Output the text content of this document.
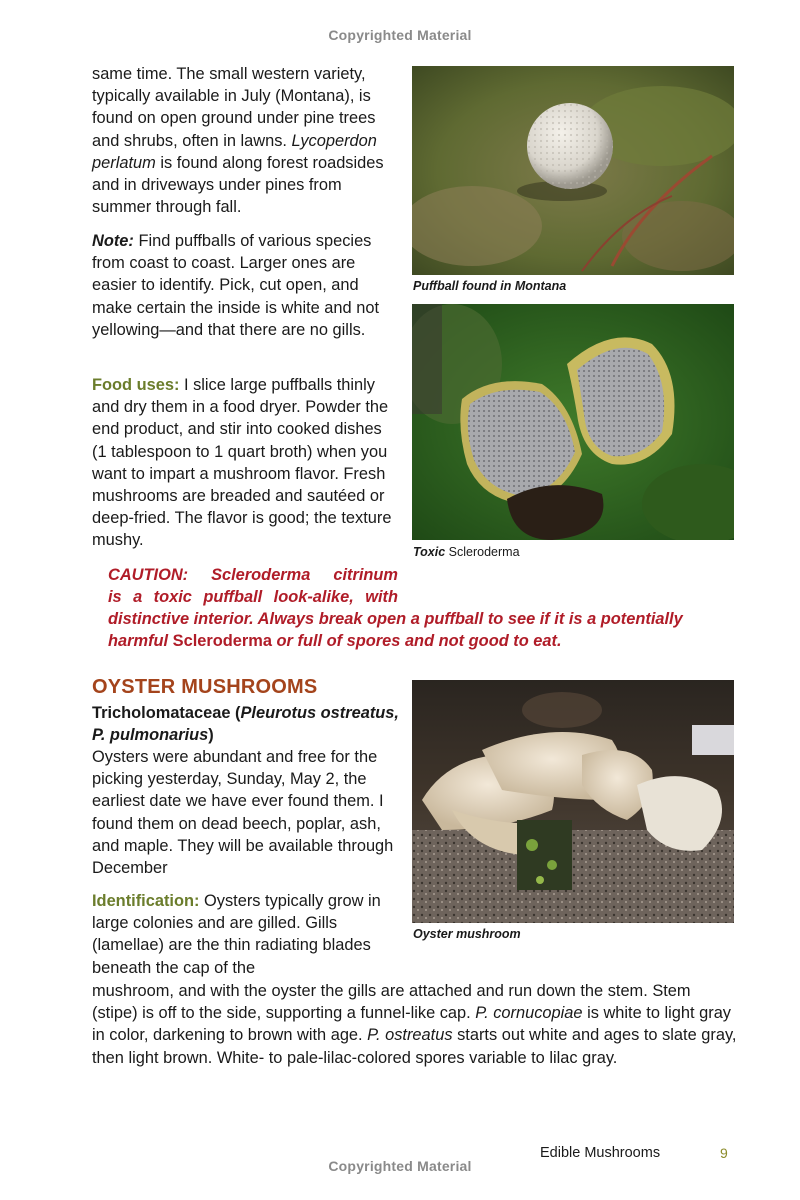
Copyrighted Material

same time. The small western variety, typically available in July (Montana), is found on open ground under pine trees and shrubs, often in lawns. Lycoperdon perlatum is found along forest roadsides and in driveways under pines from summer through fall.

Note: Find puffballs of various species from coast to coast. Larger ones are easier to identify. Pick, cut open, and make certain the inside is white and not yellowing—and that there are no gills.

Food uses: I slice large puffballs thinly and dry them in a food dryer. Powder the end product, and stir into cooked dishes (1 tablespoon to 1 quart broth) when you want to impart a mushroom flavor. Fresh mushrooms are breaded and sautéed or deep-fried. The flavor is good; the texture mushy.

Puffball found in Montana
Toxic Scleroderma
CAUTION: Scleroderma citrinum
is a toxic puffball look-alike, with
distinctive interior. Always break open a puffball to see if it is a potentially
harmful Scleroderma or full of spores and not good to eat.
OYSTER MUSHROOMS

Tricholomataceae (Pleurotus ostreatus, P. pulmonarius)

Oysters were abundant and free for the picking yesterday, Sunday, May 2, the earliest date we have ever found them. I found them on dead beech, poplar, ash, and maple. They will be available through December

Identification: Oysters typically grow in large colonies and are gilled. Gills (lamellae) are the thin radiating blades beneath the cap of the

mushroom, and with the oyster the gills are attached and run down the stem. Stem (stipe) is off to the side, supporting a funnel-like cap. P. cornucopiae is white to light gray in color, darkening to brown with age. P. ostreatus starts out white and ages to slate gray, then light brown. White- to pale-lilac-colored spores variable to lilac gray.

Oyster mushroom
Edible Mushrooms	9
Copyrighted Material
